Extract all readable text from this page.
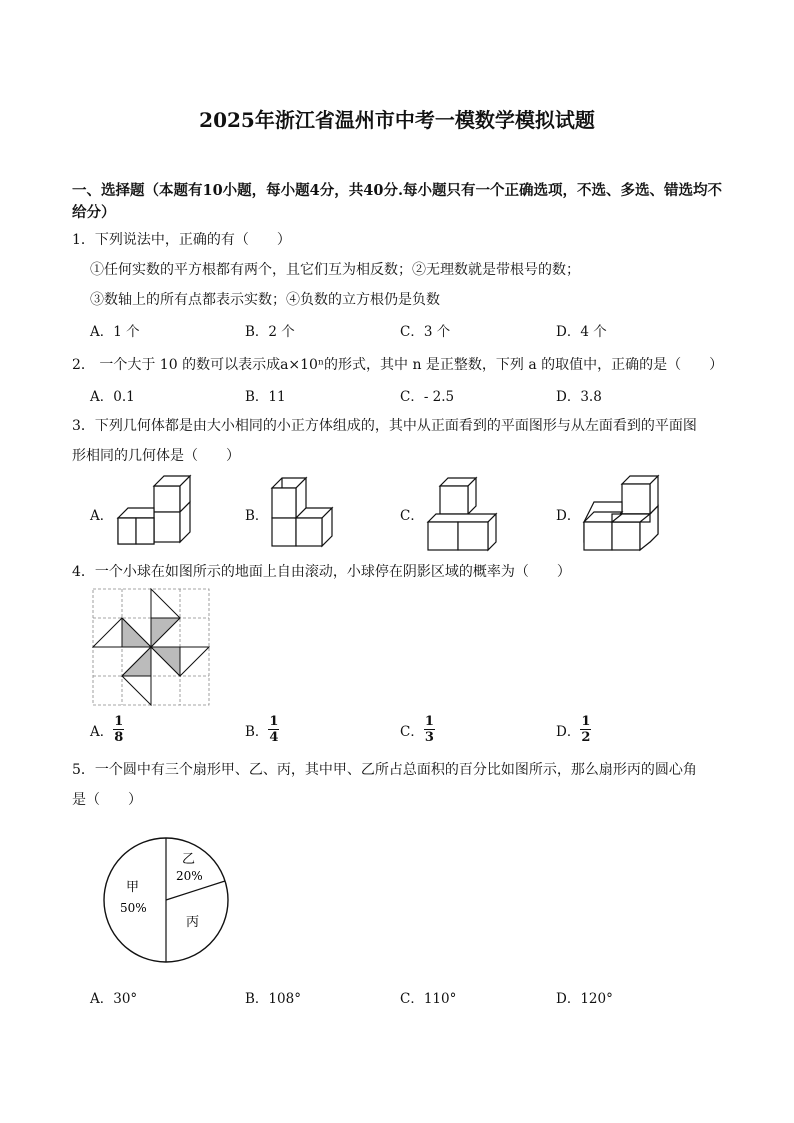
2025年浙江省温州市中考一模数学模拟试题
一、选择题（本题有10小题，每小题4分，共40分.每小题只有一个正确选项，不选、多选、错选均不给分）
1．下列说法中，正确的有（　　）
①任何实数的平方根都有两个，且它们互为相反数；②无理数就是带根号的数；
③数轴上的所有点都表示实数；④负数的立方根仍是负数
A．1 个	B．2 个	C．3 个	D．4 个
2． 一个大于 10 的数可以表示成a×10ⁿ的形式，其中 n 是正整数，下列 a 的取值中，正确的是（　　）
A．0.1	B．11	C．- 2.5	D．3.8
3．下列几何体都是由大小相同的小正方体组成的，其中从正面看到的平面图形与从左面看到的平面图
形相同的几何体是（　　）
A．	B．	C．	D．
4．一个小球在如图所示的地面上自由滚动，小球停在阴影区域的概率为（　　）
A． $\frac{1}{8}$	B． $\frac{1}{4}$	C． $\frac{1}{3}$	D． $\frac{1}{2}$
5．一个圆中有三个扇形甲、乙、丙，其中甲、乙所占总面积的百分比如图所示，那么扇形丙的圆心角
是（　　）
甲
50%
乙
20%
丙
A．30°	B．108°	C．110°	D．120°
